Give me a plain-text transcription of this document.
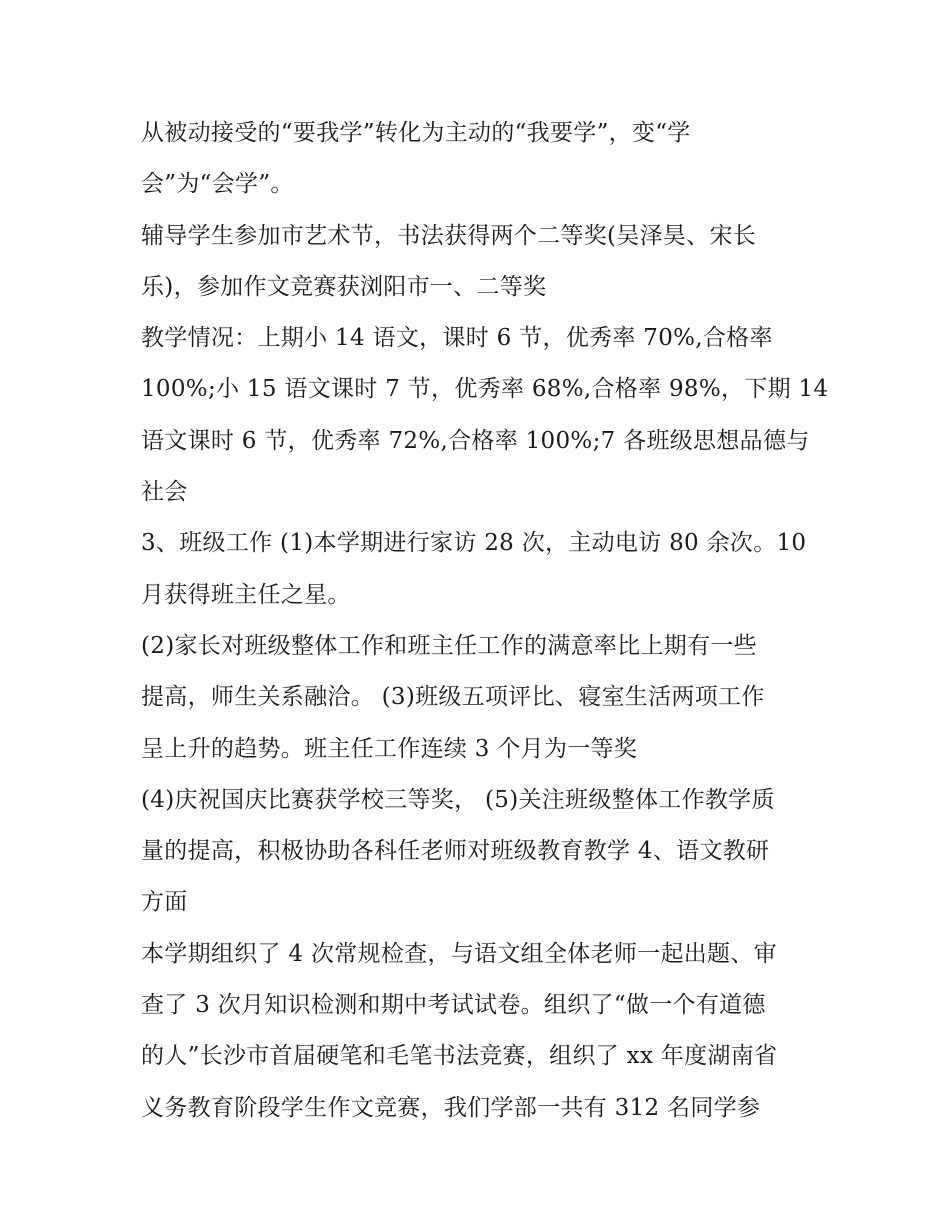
从被动接受的“要我学”转化为主动的“我要学”，变“学
会”为“会学”。
辅导学生参加市艺术节，书法获得两个二等奖(吴泽昊、宋长
乐)，参加作文竞赛获浏阳市一、二等奖
教学情况：上期小 14 语文，课时 6 节，优秀率 70%,合格率
100%;小 15 语文课时 7 节，优秀率 68%,合格率 98%，下期 14
语文课时 6 节，优秀率 72%,合格率 100%;7 各班级思想品德与
社会
3、班级工作 (1)本学期进行家访 28 次，主动电访 80 余次。10
月获得班主任之星。
(2)家长对班级整体工作和班主任工作的满意率比上期有一些
提高，师生关系融洽。 (3)班级五项评比、寝室生活两项工作
呈上升的趋势。班主任工作连续 3 个月为一等奖
(4)庆祝国庆比赛获学校三等奖， (5)关注班级整体工作教学质
量的提高，积极协助各科任老师对班级教育教学 4、语文教研
方面
本学期组织了 4 次常规检查，与语文组全体老师一起出题、审
查了 3 次月知识检测和期中考试试卷。组织了“做一个有道德
的人”长沙市首届硬笔和毛笔书法竞赛，组织了 xx 年度湖南省
义务教育阶段学生作文竞赛，我们学部一共有 312 名同学参
